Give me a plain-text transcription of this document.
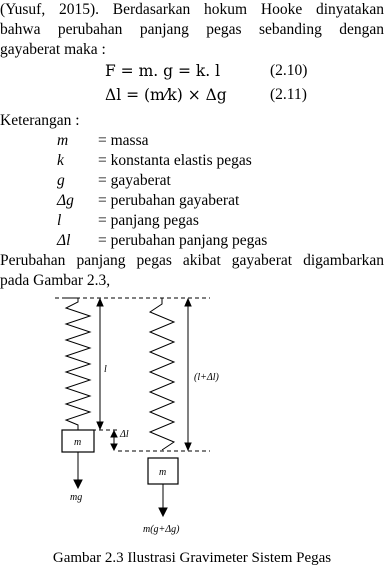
(Yusuf, 2015). Berdasarkan hokum Hooke dinyatakan
bahwa perubahan panjang pegas sebanding dengan
gayaberat maka :
F = m. g = k. l	(2.10)
Δl = (m⁄k) × Δg	(2.11)
Keterangan :
m = massa
k = konstanta elastis pegas
g = gayaberat
Δg = perubahan gayaberat
l = panjang pegas
Δl = perubahan panjang pegas
Perubahan panjang pegas akibat gayaberat digambarkan
pada Gambar 2.3,
l
(l+Δl)
Δl
m
m
mg
m(g+Δg)
Gambar 2.3 Ilustrasi Gravimeter Sistem Pegas
